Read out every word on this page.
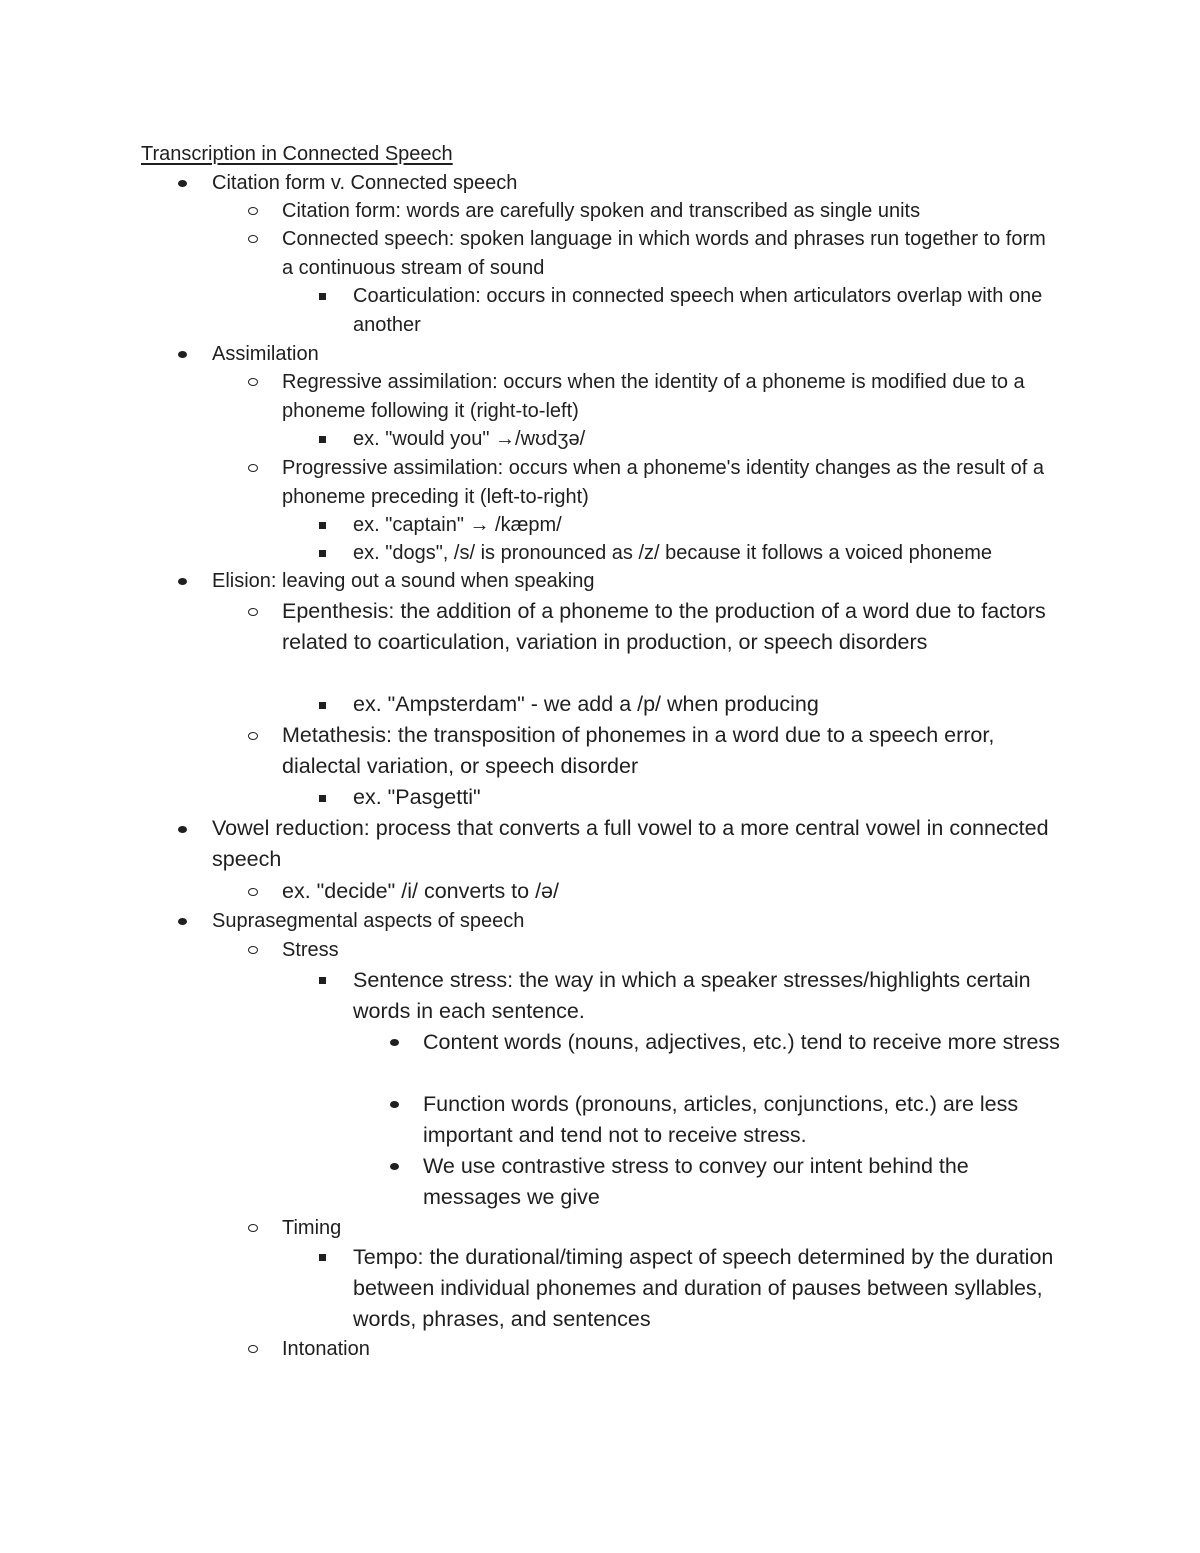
Transcription in Connected Speech
Citation form v. Connected speech
Citation form: words are carefully spoken and transcribed as single units
Connected speech: spoken language in which words and phrases run together to form a continuous stream of sound
Coarticulation: occurs in connected speech when articulators overlap with one another
Assimilation
Regressive assimilation: occurs when the identity of a phoneme is modified due to a phoneme following it (right-to-left)
ex. "would you" →/wʊdʒə/
Progressive assimilation: occurs when a phoneme's identity changes as the result of a phoneme preceding it (left-to-right)
ex. "captain" → /kæpm/
ex. "dogs", /s/ is pronounced as /z/ because it follows a voiced phoneme
Elision: leaving out a sound when speaking
Epenthesis: the addition of a phoneme to the production of a word due to factors related to coarticulation, variation in production, or speech disorders
ex. "Ampsterdam" - we add a /p/ when producing
Metathesis: the transposition of phonemes in a word due to a speech error, dialectal variation, or speech disorder
ex. "Pasgetti"
Vowel reduction: process that converts a full vowel to a more central vowel in connected speech
ex. "decide" /i/ converts to /ə/
Suprasegmental aspects of speech
Stress
Sentence stress: the way in which a speaker stresses/highlights certain words in each sentence.
Content words (nouns, adjectives, etc.) tend to receive more stress
Function words (pronouns, articles, conjunctions, etc.) are less important and tend not to receive stress.
We use contrastive stress to convey our intent behind the messages we give
Timing
Tempo: the durational/timing aspect of speech determined by the duration between individual phonemes and duration of pauses between syllables, words, phrases, and sentences
Intonation
